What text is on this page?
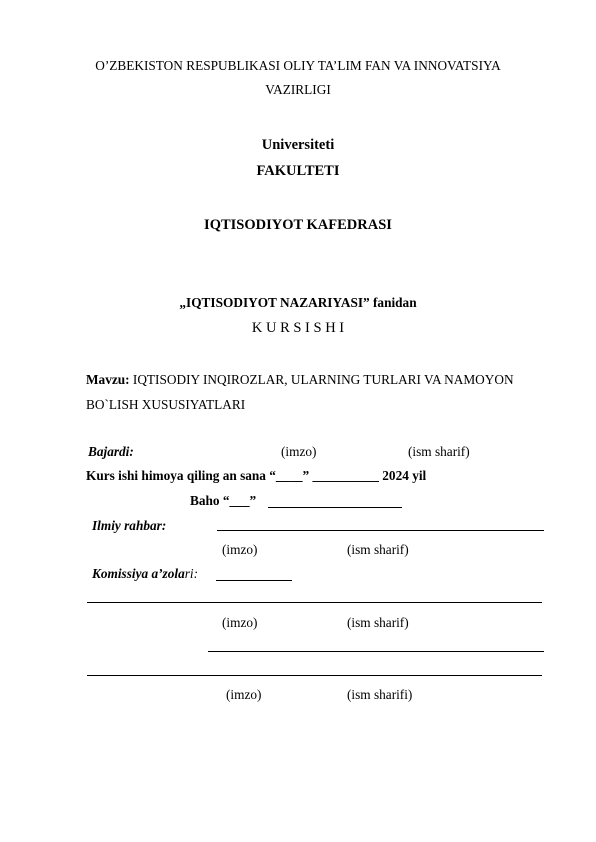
O’ZBEKISTON RESPUBLIKASI OLIY TA’LIM FAN VA INNOVATSIYA
VAZIRLIGI
Universiteti
FAKULTETI
IQTISODIYOT KAFEDRASI
„IQTISODIYOT NAZARIYASI” fanidan
K U R S I S H I
Mavzu: IQTISODIY INQIROZLAR, ULARNING TURLARI VA NAMOYON
BO`LISH XUSUSIYATLARI
Bajardi:	(imzo)	(ism sharif)
Kurs ishi himoya qiling an sana “____” __________ 2024 yil
Baho “___”
Ilmiy rahbar:
(imzo)	(ism sharif)
Komissiya a’zolari:
(imzo)	(ism sharif)
(imzo)	(ism sharifi)
